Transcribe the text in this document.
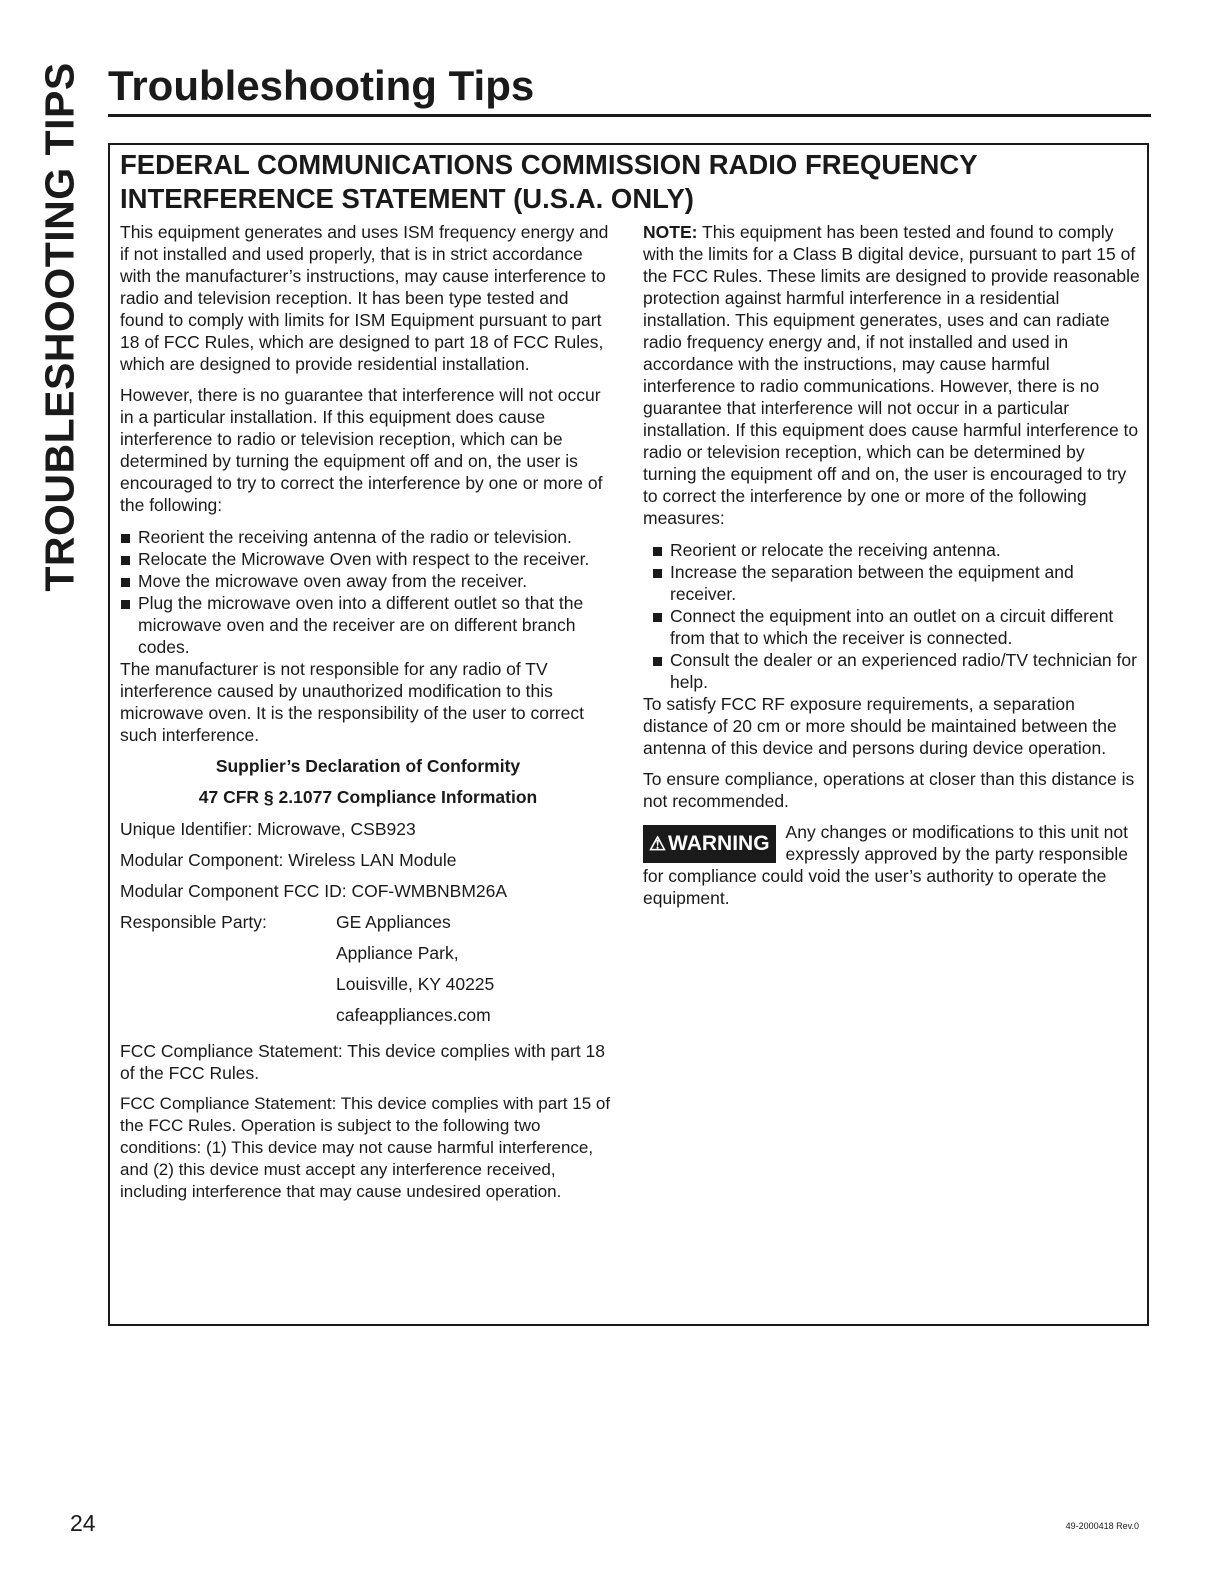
TROUBLESHOOTING TIPS Troubleshooting Tips
FEDERAL COMMUNICATIONS COMMISSION RADIO FREQUENCY
INTERFERENCE STATEMENT (U.S.A. ONLY)

This equipment generates and uses ISM frequency energy and if not installed and used properly, that is in strict accordance with the manufacturer’s instructions, may cause interference to radio and television reception. It has been type tested and found to comply with limits for ISM Equipment pursuant to part 18 of FCC Rules, which are designed to part 18 of FCC Rules, which are designed to provide residential installation.

However, there is no guarantee that interference will not occur in a particular installation. If this equipment does cause interference to radio or television reception, which can be determined by turning the equipment off and on, the user is encouraged to try to correct the interference by one or more of the following:

Reorient the receiving antenna of the radio or television.
Relocate the Microwave Oven with respect to the receiver.
Move the microwave oven away from the receiver.
Plug the microwave oven into a different outlet so that the microwave oven and the receiver are on different branch codes.

The manufacturer is not responsible for any radio of TV interference caused by unauthorized modification to this microwave oven. It is the responsibility of the user to correct such interference.

Supplier’s Declaration of Conformity
47 CFR § 2.1077 Compliance Information

Unique Identifier: Microwave, CSB923

Modular Component: Wireless LAN Module

Modular Component FCC ID: COF-WMBNBM26A

Responsible Party:	GE Appliances
Appliance Park,
Louisville, KY 40225
cafeappliances.com

FCC Compliance Statement: This device complies with part 18 of the FCC Rules.

FCC Compliance Statement: This device complies with part 15 of the FCC Rules. Operation is subject to the following two conditions: (1) This device may not cause harmful interference, and (2) this device must accept any interference received, including interference that may cause undesired operation.

NOTE: This equipment has been tested and found to comply with the limits for a Class B digital device, pursuant to part 15 of the FCC Rules. These limits are designed to provide reasonable protection against harmful interference in a residential installation. This equipment generates, uses and can radiate radio frequency energy and, if not installed and used in accordance with the instructions, may cause harmful interference to radio communications. However, there is no guarantee that interference will not occur in a particular installation. If this equipment does cause harmful interference to radio or television reception, which can be determined by turning the equipment off and on, the user is encouraged to try to correct the interference by one or more of the following measures:

Reorient or relocate the receiving antenna.
Increase the separation between the equipment and receiver.
Connect the equipment into an outlet on a circuit different from that to which the receiver is connected.
Consult the dealer or an experienced radio/TV technician for help.

To satisfy FCC RF exposure requirements, a separation distance of 20 cm or more should be maintained between the antenna of this device and persons during device operation.

To ensure compliance, operations at closer than this distance is not recommended.

⚠WARNING Any changes or modifications to this unit not expressly approved by the party responsible for compliance could void the user’s authority to operate the equipment.
24	49-2000418 Rev.0
